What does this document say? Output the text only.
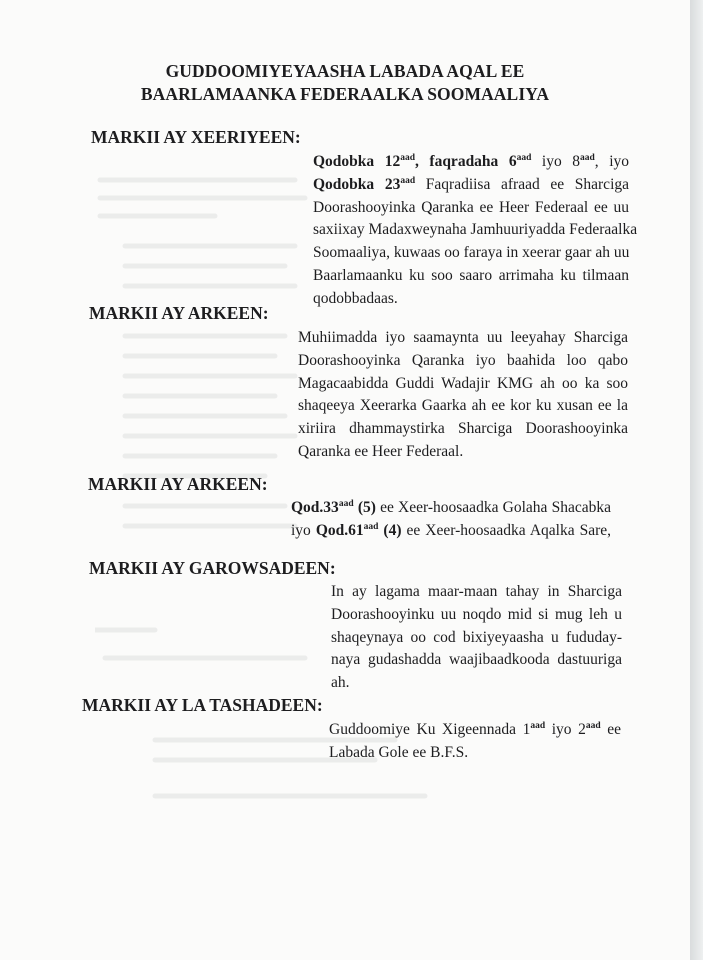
GUDDOOMIYEYAASHA LABADA AQAL EE
BAARLAMAANKA FEDERAALKA SOOMAALIYA
MARKII AY XEERIYEEN:
Qodobka $12^{aad}$, faqradaha $6^{aad}$ iyo $8^{aad}$, iyo
Qodobka $23^{aad}$ Faqradiisa afraad ee Sharciga
Doorashooyinka Qaranka ee Heer Federaal ee uu
saxiixay Madaxweynaha Jamhuuriyadda Federaalka
Soomaaliya, kuwaas oo faraya in xeerar gaar ah uu
Baarlamaanku ku soo saaro arrimaha ku tilmaan
qodobbadaas.
MARKII AY ARKEEN:
Muhiimadda iyo saamaynta uu leeyahay Sharciga
Doorashooyinka Qaranka iyo baahida loo qabo
Magacaabidda Guddi Wadajir KMG ah oo ka soo
shaqeeya Xeerarka Gaarka ah ee kor ku xusan ee la
xiriira dhammaystirka Sharciga Doorashooyinka
Qaranka ee Heer Federaal.
MARKII AY ARKEEN:
Qod.33$^{aad}$ (5) ee Xeer-hoosaadka Golaha Shacabka
iyo Qod.61$^{aad}$ (4) ee Xeer-hoosaadka Aqalka Sare,
MARKII AY GAROWSADEEN:
In ay lagama maar-maan tahay in Sharciga
Doorashooyinku uu noqdo mid si mug leh u
shaqeynaya oo cod bixiyeyaasha u fududay-
naya gudashadda waajibaadkooda dastuuriga
ah.
MARKII AY LA TASHADEEN:
Guddoomiye Ku Xigeennada $1^{aad}$ iyo $2^{aad}$ ee
Labada Gole ee B.F.S.
